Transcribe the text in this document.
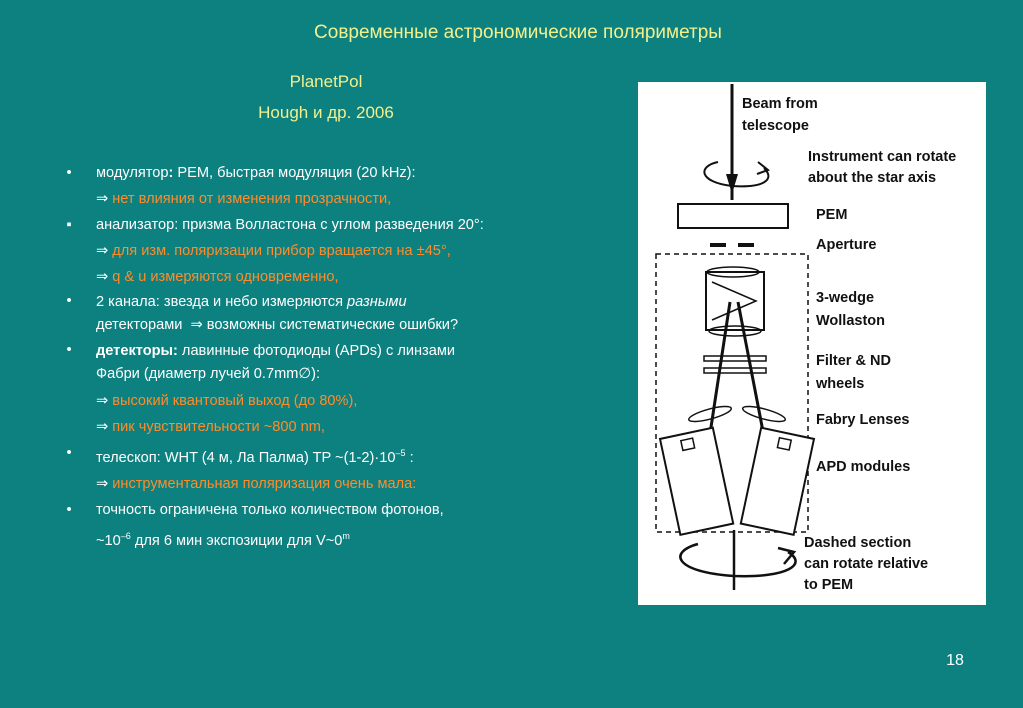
Современные астрономические поляриметры
PlanetPol
Hough и др. 2006
•	модулятор: PEM, быстрая модуляция (20 kHz):
⇒ нет влияния от изменения прозрачности,
▪	анализатор: призма Волластона с углом разведения 20°:
⇒ для изм. поляризации прибор вращается на ±45°,
⇒ q & u измеряются одновременно,
•	2 канала: звезда и небо измеряются разными
детекторами ⇒ возможны систематические ошибки?
•	детекторы: лавинные фотодиоды (APDs) с линзами
Фабри (диаметр лучей 0.7mm∅):
⇒ высокий квантовый выход (до 80%),
⇒ пик чувствительности ~800 nm,
•	телескоп: WHT (4 м, Ла Палма) TP $\sim(1-2)\cdot 10^{-5}$ :
⇒ инструментальная поляризация очень мала:
•	точность ограничена только количеством фотонов,
$\sim 10^{-6}$ для 6 мин экспозиции для V~0$^m$
Beam from
telescope
Instrument can rotate
about the star axis
PEM
Aperture
3-wedge
Wollaston
Filter & ND
wheels
Fabry Lenses
APD modules
Dashed section
can rotate relative
to PEM
18
